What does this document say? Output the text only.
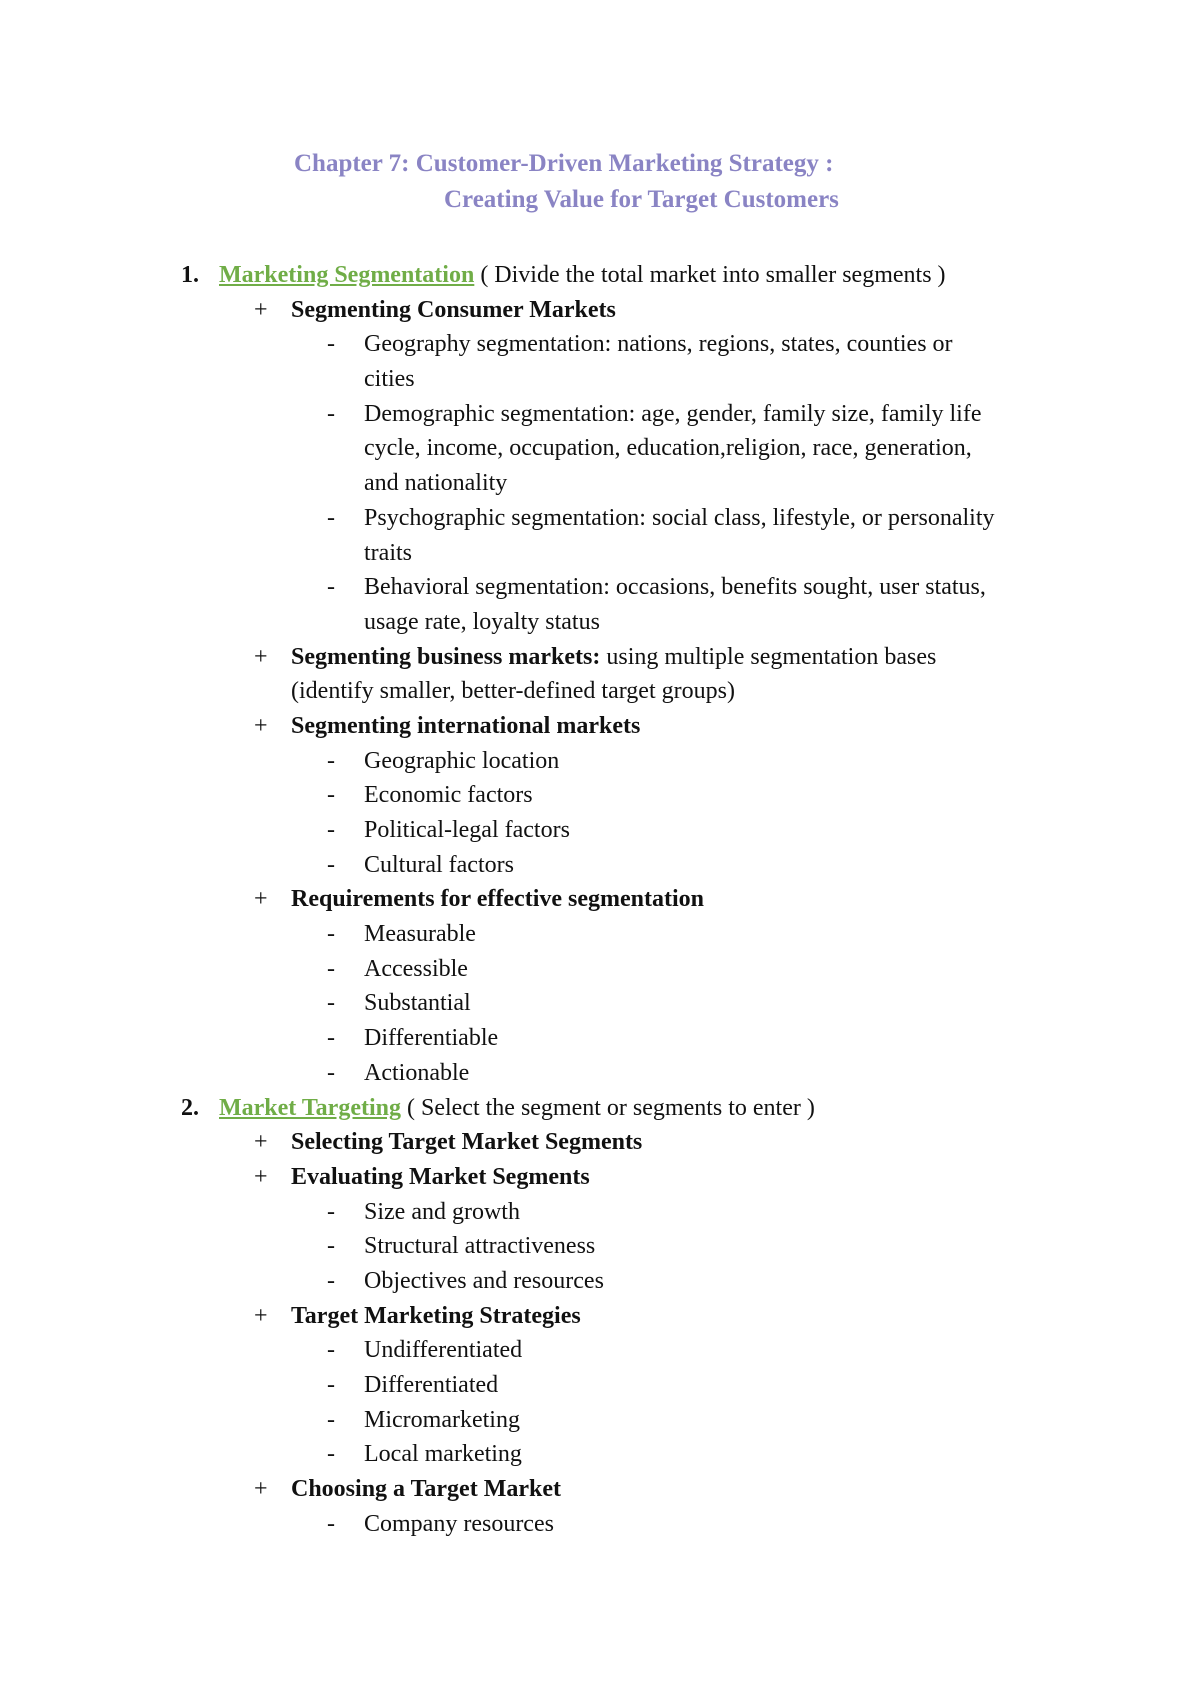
Chapter 7: Customer-Driven Marketing Strategy :
Creating Value for Target Customers
1. Marketing Segmentation ( Divide the total market into smaller segments )
+ Segmenting Consumer Markets
- Geography segmentation: nations, regions, states, counties or
cities
- Demographic segmentation: age, gender, family size, family life
cycle, income, occupation, education,religion, race, generation,
and nationality
- Psychographic segmentation: social class, lifestyle, or personality
traits
- Behavioral segmentation: occasions, benefits sought, user status,
usage rate, loyalty status
+ Segmenting business markets: using multiple segmentation bases
(identify smaller, better-defined target groups)
+ Segmenting international markets
- Geographic location
- Economic factors
- Political-legal factors
- Cultural factors
+ Requirements for effective segmentation
- Measurable
- Accessible
- Substantial
- Differentiable
- Actionable
2. Market Targeting ( Select the segment or segments to enter )
+ Selecting Target Market Segments
+ Evaluating Market Segments
- Size and growth
- Structural attractiveness
- Objectives and resources
+ Target Marketing Strategies
- Undifferentiated
- Differentiated
- Micromarketing
- Local marketing
+ Choosing a Target Market
- Company resources
